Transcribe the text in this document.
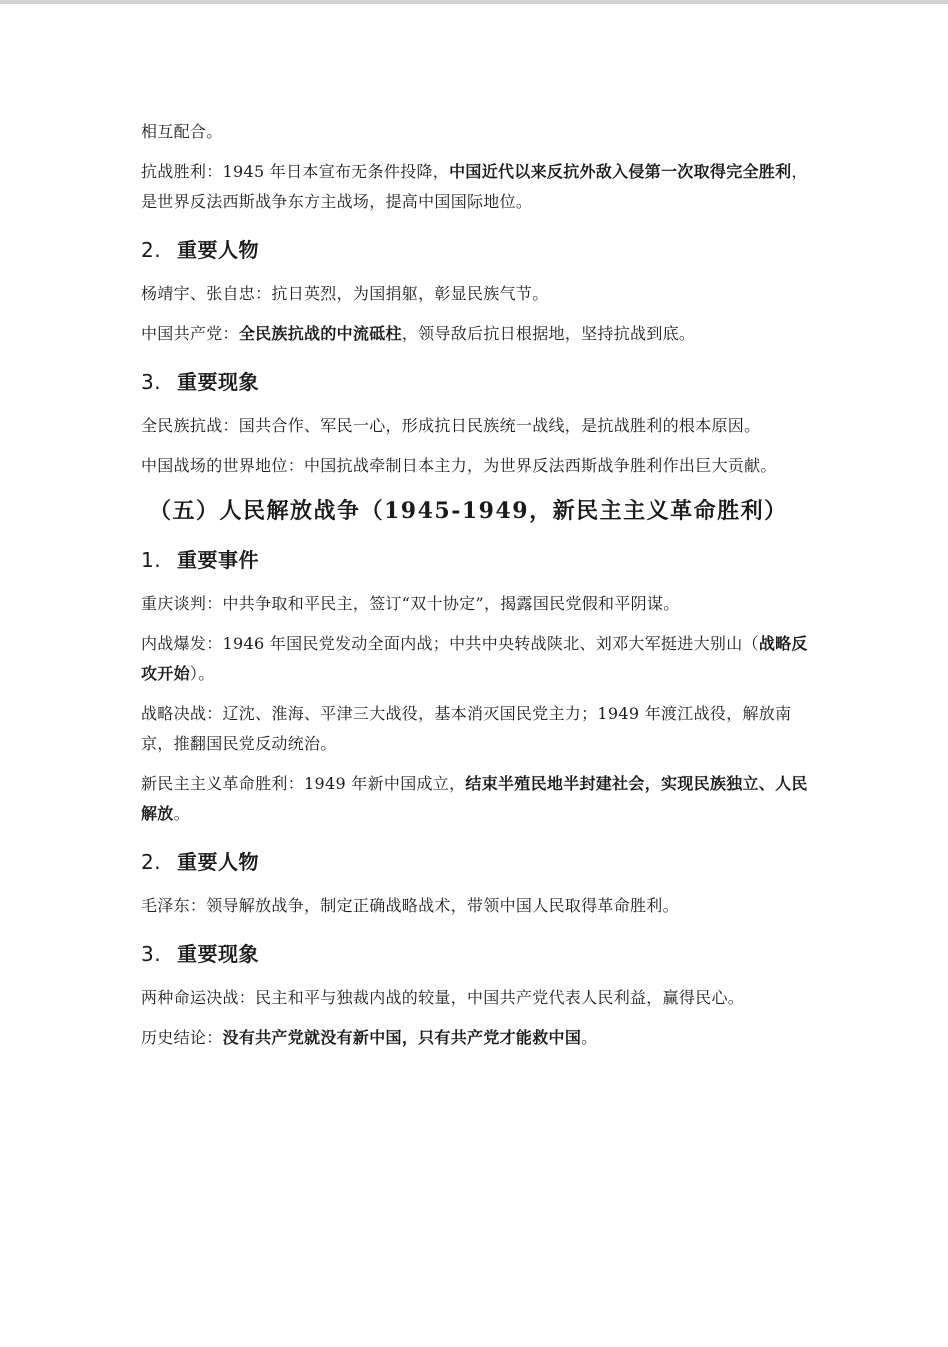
相互配合。

抗战胜利：1945 年日本宣布无条件投降，中国近代以来反抗外敌入侵第一次取得完全胜利，是世界反法西斯战争东方主战场，提高中国国际地位。

2. 重要人物

杨靖宇、张自忠：抗日英烈，为国捐躯，彰显民族气节。

中国共产党：全民族抗战的中流砥柱，领导敌后抗日根据地，坚持抗战到底。

3. 重要现象

全民族抗战：国共合作、军民一心，形成抗日民族统一战线，是抗战胜利的根本原因。

中国战场的世界地位：中国抗战牵制日本主力，为世界反法西斯战争胜利作出巨大贡献。

（五）人民解放战争（1945-1949，新民主主义革命胜利）
1. 重要事件

重庆谈判：中共争取和平民主，签订“双十协定”，揭露国民党假和平阴谋。

内战爆发：1946 年国民党发动全面内战；中共中央转战陕北、刘邓大军挺进大别山（战略反攻开始）。

战略决战：辽沈、淮海、平津三大战役，基本消灭国民党主力；1949 年渡江战役，解放南京，推翻国民党反动统治。

新民主主义革命胜利：1949 年新中国成立，结束半殖民地半封建社会，实现民族独立、人民解放。

2. 重要人物

毛泽东：领导解放战争，制定正确战略战术，带领中国人民取得革命胜利。

3. 重要现象

两种命运决战：民主和平与独裁内战的较量，中国共产党代表人民利益，赢得民心。

历史结论：没有共产党就没有新中国，只有共产党才能救中国。
